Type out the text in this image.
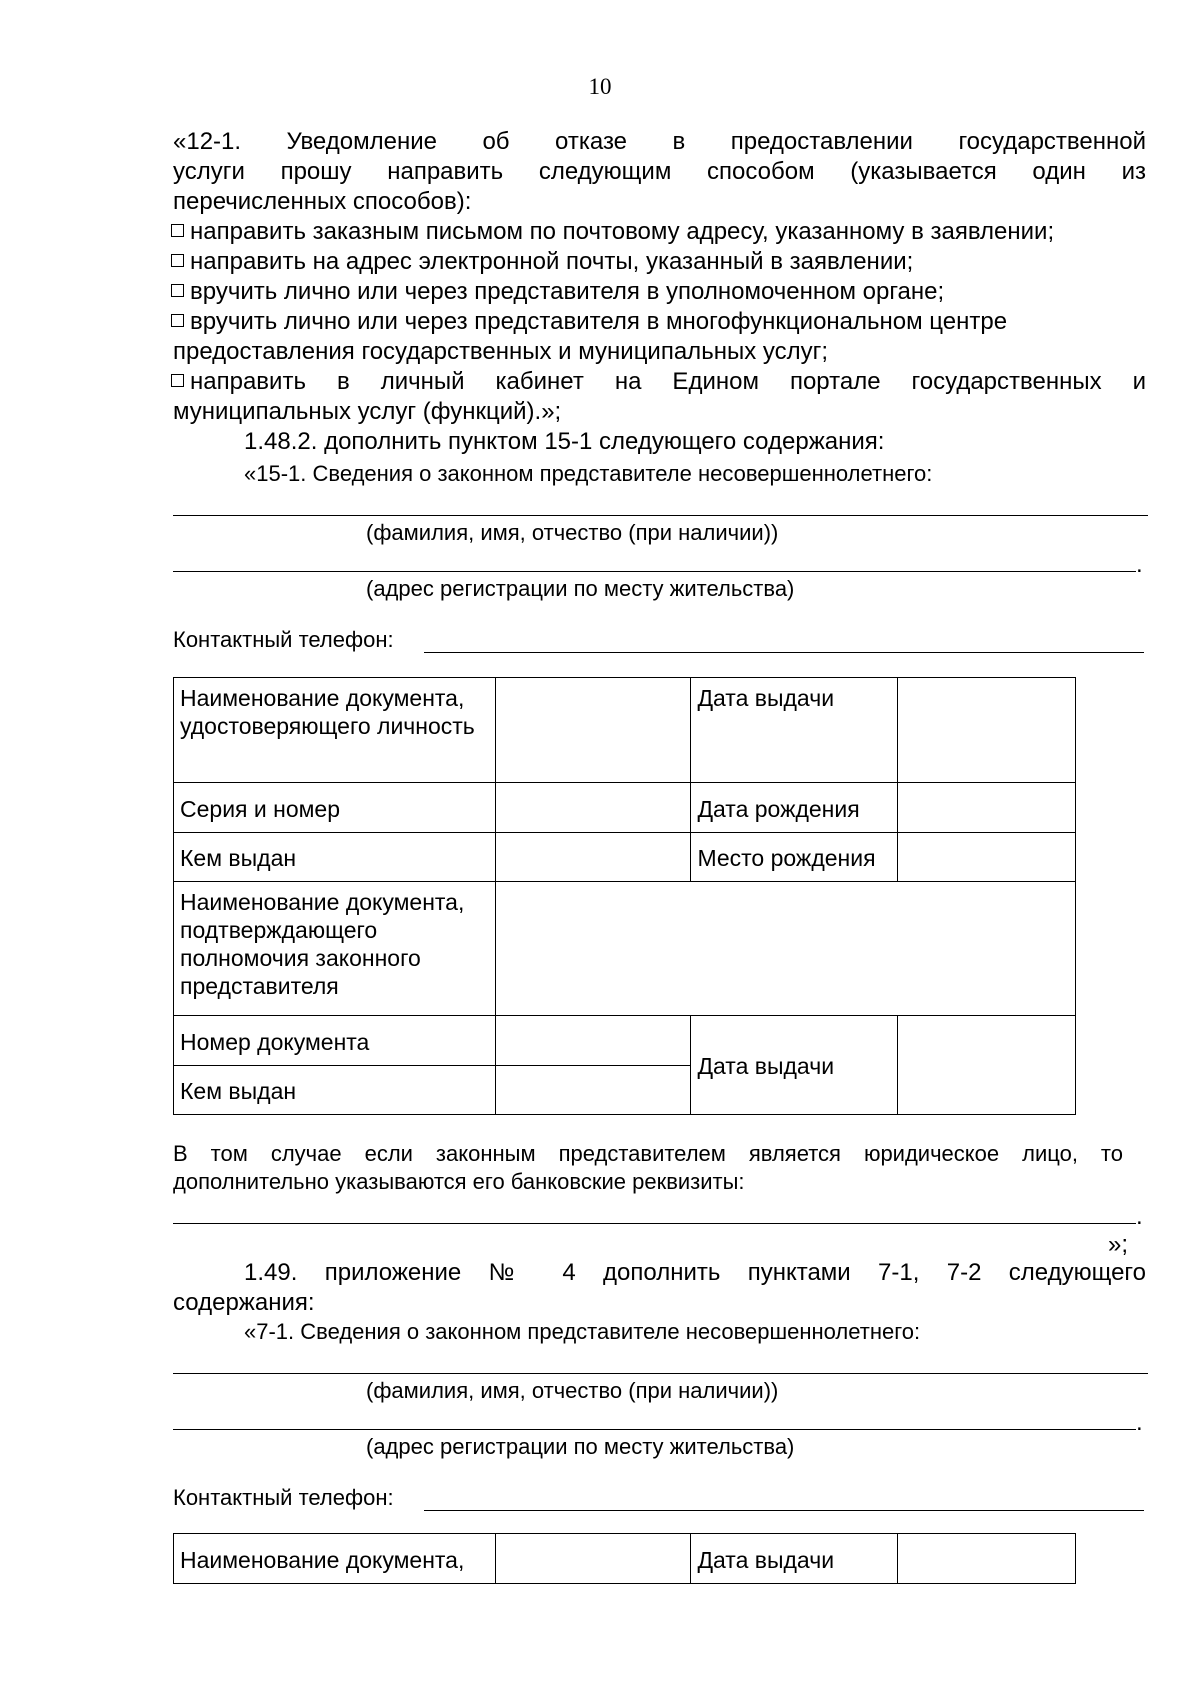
10
«12-1. Уведомление об отказе в предоставлении государственной
услуги прошу направить следующим способом (указывается один из
перечисленных способов):
направить заказным письмом по почтовому адресу, указанному в заявлении;
направить на адрес электронной почты, указанный в заявлении;
вручить лично или через представителя в уполномоченном органе;
вручить лично или через представителя в многофункциональном центре
предоставления государственных и муниципальных услуг;
направить в личный кабинет на Едином портале государственных и
муниципальных услуг (функций).»;
1.48.2. дополнить пунктом 15-1 следующего содержания:
«15-1. Сведения о законном представителе несовершеннолетнего:
(фамилия, имя, отчество (при наличии))
.
(адрес регистрации по месту жительства)
Контактный телефон:
Наименование документа, удостоверяющего личность		Дата выдачи	
Серия и номер		Дата рождения	
Кем выдан		Место рождения	
Наименование документа, подтверждающего полномочия законного представителя			
Номер документа		Дата выдачи	
Кем выдан			
В том случае если законным представителем является юридическое лицо, то
дополнительно указываются его банковские реквизиты:
.
»;
1.49. приложение № 4 дополнить пунктами 7-1, 7-2 следующего
содержания:
«7-1. Сведения о законном представителе несовершеннолетнего:
(фамилия, имя, отчество (при наличии))
.
(адрес регистрации по месту жительства)
Контактный телефон:
Наименование документа,		Дата выдачи	
